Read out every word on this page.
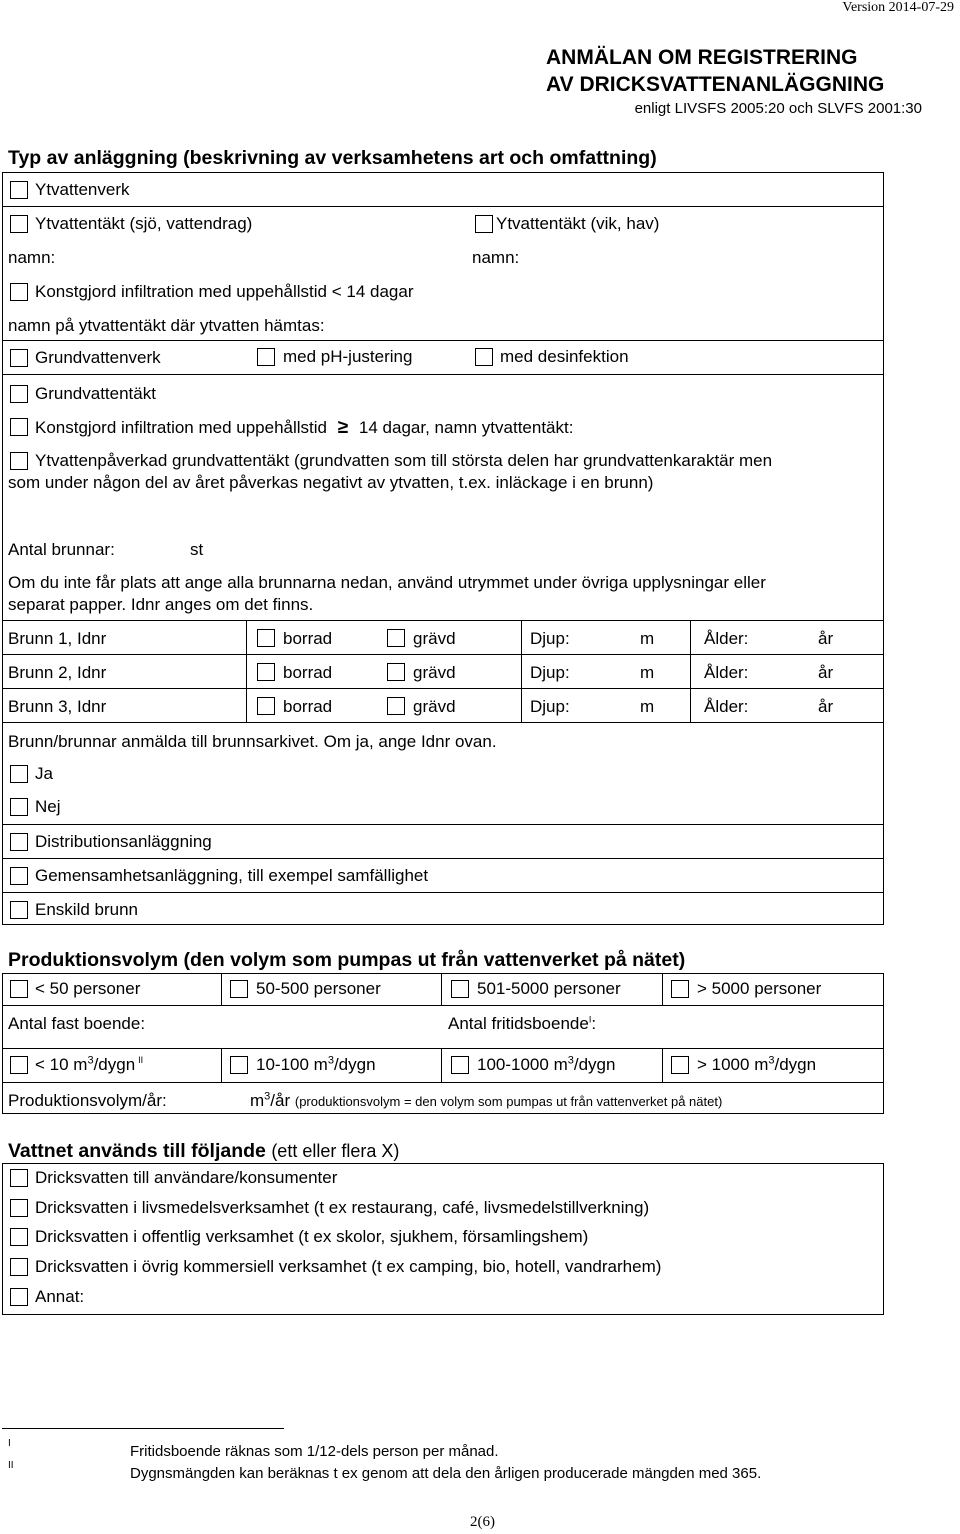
Version 2014-07-29
ANMÄLAN OM REGISTRERING
AV DRICKSVATTENANLÄGGNING
enligt LIVSFS 2005:20 och SLVFS 2001:30
Typ av anläggning (beskrivning av verksamhetens art och omfattning)
Ytvattenverk
Ytvattentäkt (sjö, vattendrag)	Ytvattentäkt (vik, hav)
namn:	namn:
Konstgjord infiltration med uppehållstid < 14 dagar
namn på ytvattentäkt där ytvatten hämtas:
Grundvattenverk	med pH-justering	med desinfektion
Grundvattentäkt
Konstgjord infiltration med uppehållstid ≥ 14 dagar, namn ytvattentäkt:
Ytvattenpåverkad grundvattentäkt (grundvatten som till största delen har grundvattenkaraktär men
som under någon del av året påverkas negativt av ytvatten, t.ex. inläckage i en brunn)
Antal brunnar:	st
Om du inte får plats att ange alla brunnarna nedan, använd utrymmet under övriga upplysningar eller
separat papper. Idnr anges om det finns.
Brunn 1, Idnr	borrad	grävd	Djup:	m	Ålder:	år
Brunn 2, Idnr	borrad	grävd	Djup:	m	Ålder:	år
Brunn 3, Idnr	borrad	grävd	Djup:	m	Ålder:	år
Brunn/brunnar anmälda till brunnsarkivet. Om ja, ange Idnr ovan.
Ja
Nej
Distributionsanläggning
Gemensamhetsanläggning, till exempel samfällighet
Enskild brunn
Produktionsvolym (den volym som pumpas ut från vattenverket på nätet)
< 50 personer	50-500 personer	501-5000 personer	> 5000 personer
Antal fast boende:	Antal fritidsboende$^I$:
< 10 $m^3$/dygn $^{II}$	10-100 $m^3$/dygn	100-1000 $m^3$/dygn	> 1000 $m^3$/dygn
Produktionsvolym/år:	$m^3/år$ (produktionsvolym = den volym som pumpas ut från vattenverket på nätet)
Vattnet används till följande (ett eller flera X)
Dricksvatten till användare/konsumenter
Dricksvatten i livsmedelsverksamhet (t ex restaurang, café, livsmedelstillverkning)
Dricksvatten i offentlig verksamhet (t ex skolor, sjukhem, församlingshem)
Dricksvatten i övrig kommersiell verksamhet (t ex camping, bio, hotell, vandrarhem)
Annat:
I
II
Fritidsboende räknas som 1/12-dels person per månad.
Dygnsmängden kan beräknas t ex genom att dela den årligen producerade mängden med 365.
2(6)
